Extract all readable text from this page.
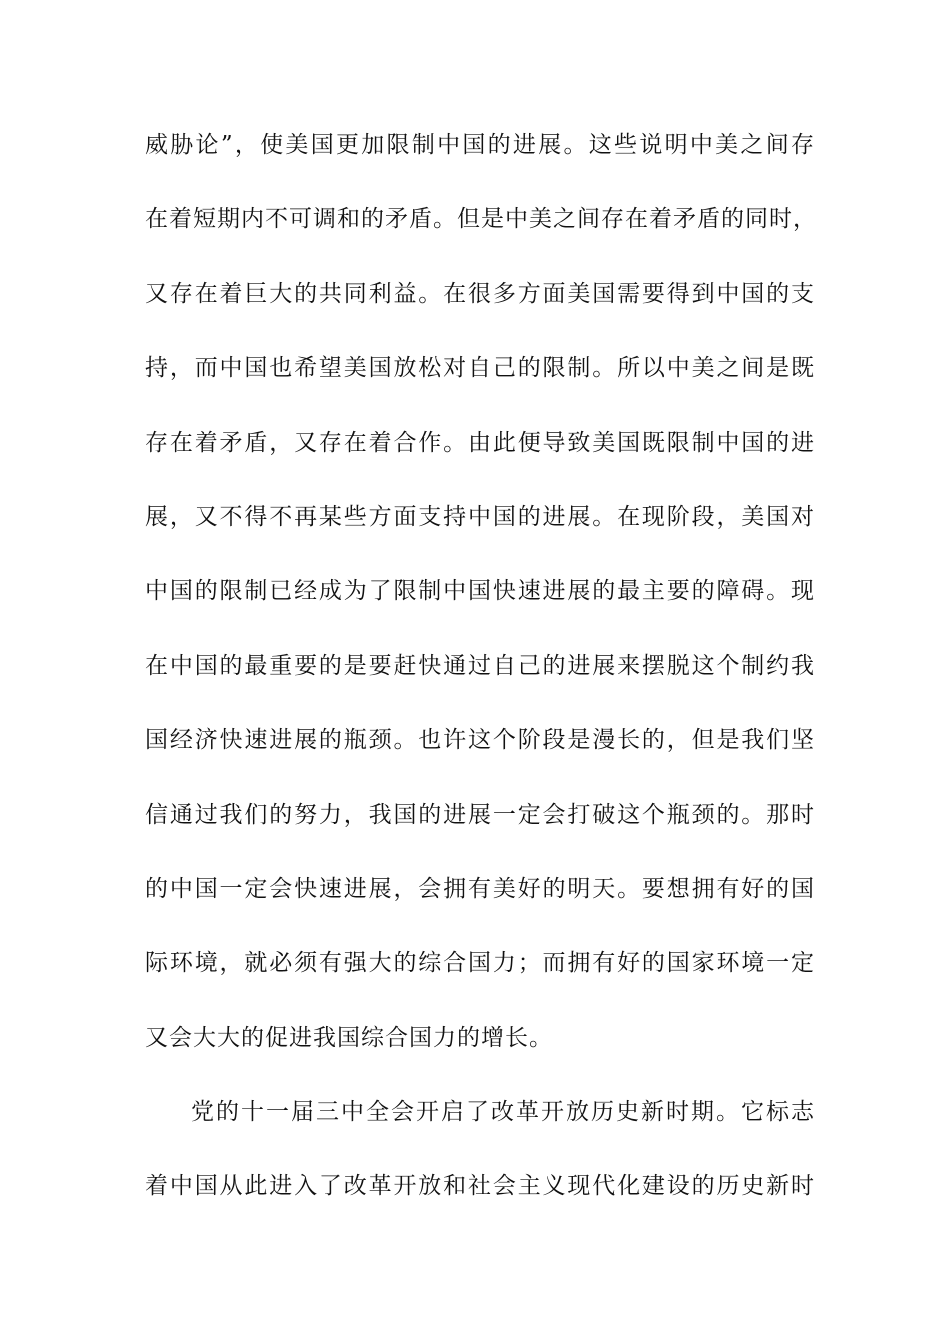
威胁论”，使美国更加限制中国的进展。这些说明中美之间存
在着短期内不可调和的矛盾。但是中美之间存在着矛盾的同时，
又存在着巨大的共同利益。在很多方面美国需要得到中国的支
持，而中国也希望美国放松对自己的限制。所以中美之间是既
存在着矛盾，又存在着合作。由此便导致美国既限制中国的进
展，又不得不再某些方面支持中国的进展。在现阶段，美国对
中国的限制已经成为了限制中国快速进展的最主要的障碍。现
在中国的最重要的是要赶快通过自己的进展来摆脱这个制约我
国经济快速进展的瓶颈。也许这个阶段是漫长的，但是我们坚
信通过我们的努力，我国的进展一定会打破这个瓶颈的。那时
的中国一定会快速进展，会拥有美好的明天。要想拥有好的国
际环境，就必须有强大的综合国力；而拥有好的国家环境一定
又会大大的促进我国综合国力的增长。
党的十一届三中全会开启了改革开放历史新时期。它标志
着中国从此进入了改革开放和社会主义现代化建设的历史新时
